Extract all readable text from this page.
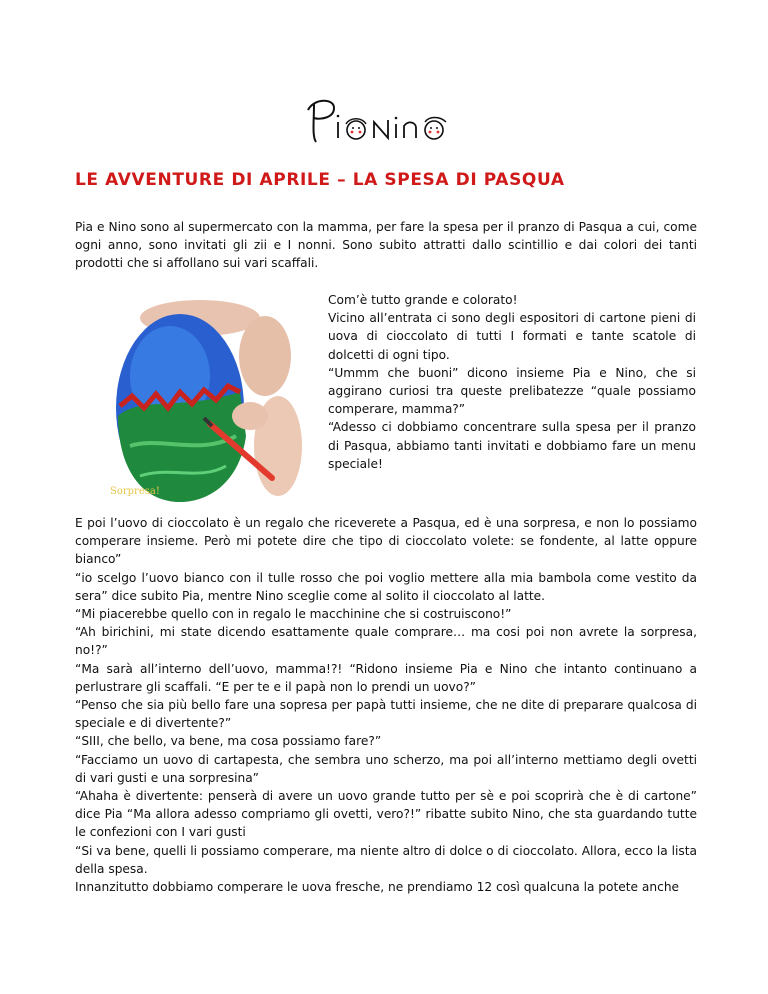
LE AVVENTURE DI APRILE – LA SPESA DI PASQUA

Pia e Nino sono al supermercato con la mamma, per fare la spesa per il pranzo di Pasqua a cui, come ogni anno, sono invitati gli zii e I nonni. Sono subito attratti dallo scintillio e dai colori dei tanti prodotti che si affollano sui vari scaffali.

Sorpresa!

Com’è tutto grande e colorato!

Vicino all’entrata ci sono degli espositori di cartone pieni di uova di cioccolato di tutti I formati e tante scatole di dolcetti di ogni tipo.

“Ummm che buoni” dicono insieme Pia e Nino, che si aggirano curiosi tra queste prelibatezze “quale possiamo comperare, mamma?”

“Adesso ci dobbiamo concentrare sulla spesa per il pranzo di Pasqua, abbiamo tanti invitati e dobbiamo fare un menu speciale!

E poi l’uovo di cioccolato è un regalo che riceverete a Pasqua, ed è una sorpresa, e non lo possiamo comperare insieme. Però mi potete dire che tipo di cioccolato volete: se fondente, al latte oppure bianco”

“io scelgo l’uovo bianco con il tulle rosso che poi voglio mettere alla mia bambola come vestito da sera” dice subito Pia, mentre Nino sceglie come al solito il cioccolato al latte.

“Mi piacerebbe quello con in regalo le macchinine che si costruiscono!”

“Ah birichini, mi state dicendo esattamente quale comprare… ma cosi poi non avrete la sorpresa, no!?”

“Ma sarà all’interno dell’uovo, mamma!?! “Ridono insieme Pia e Nino che intanto continuano a perlustrare gli scaffali. “E per te e il papà non lo prendi un uovo?”

“Penso che sia più bello fare una sopresa per papà tutti insieme, che ne dite di preparare qualcosa di speciale e di divertente?”

“SIII, che bello, va bene, ma cosa possiamo fare?”

“Facciamo un uovo di cartapesta, che sembra uno scherzo, ma poi all’interno mettiamo degli ovetti di vari gusti e una sorpresina”

“Ahaha è divertente: penserà di avere un uovo grande tutto per sè e poi scoprirà che è di cartone” dice Pia “Ma allora adesso compriamo gli ovetti, vero?!” ribatte subito Nino, che sta guardando tutte le confezioni con I vari gusti

“Si va bene, quelli li possiamo comperare, ma niente altro di dolce o di cioccolato. Allora, ecco la lista della spesa.

Innanzitutto dobbiamo comperare le uova fresche, ne prendiamo 12 così qualcuna la potete anche
